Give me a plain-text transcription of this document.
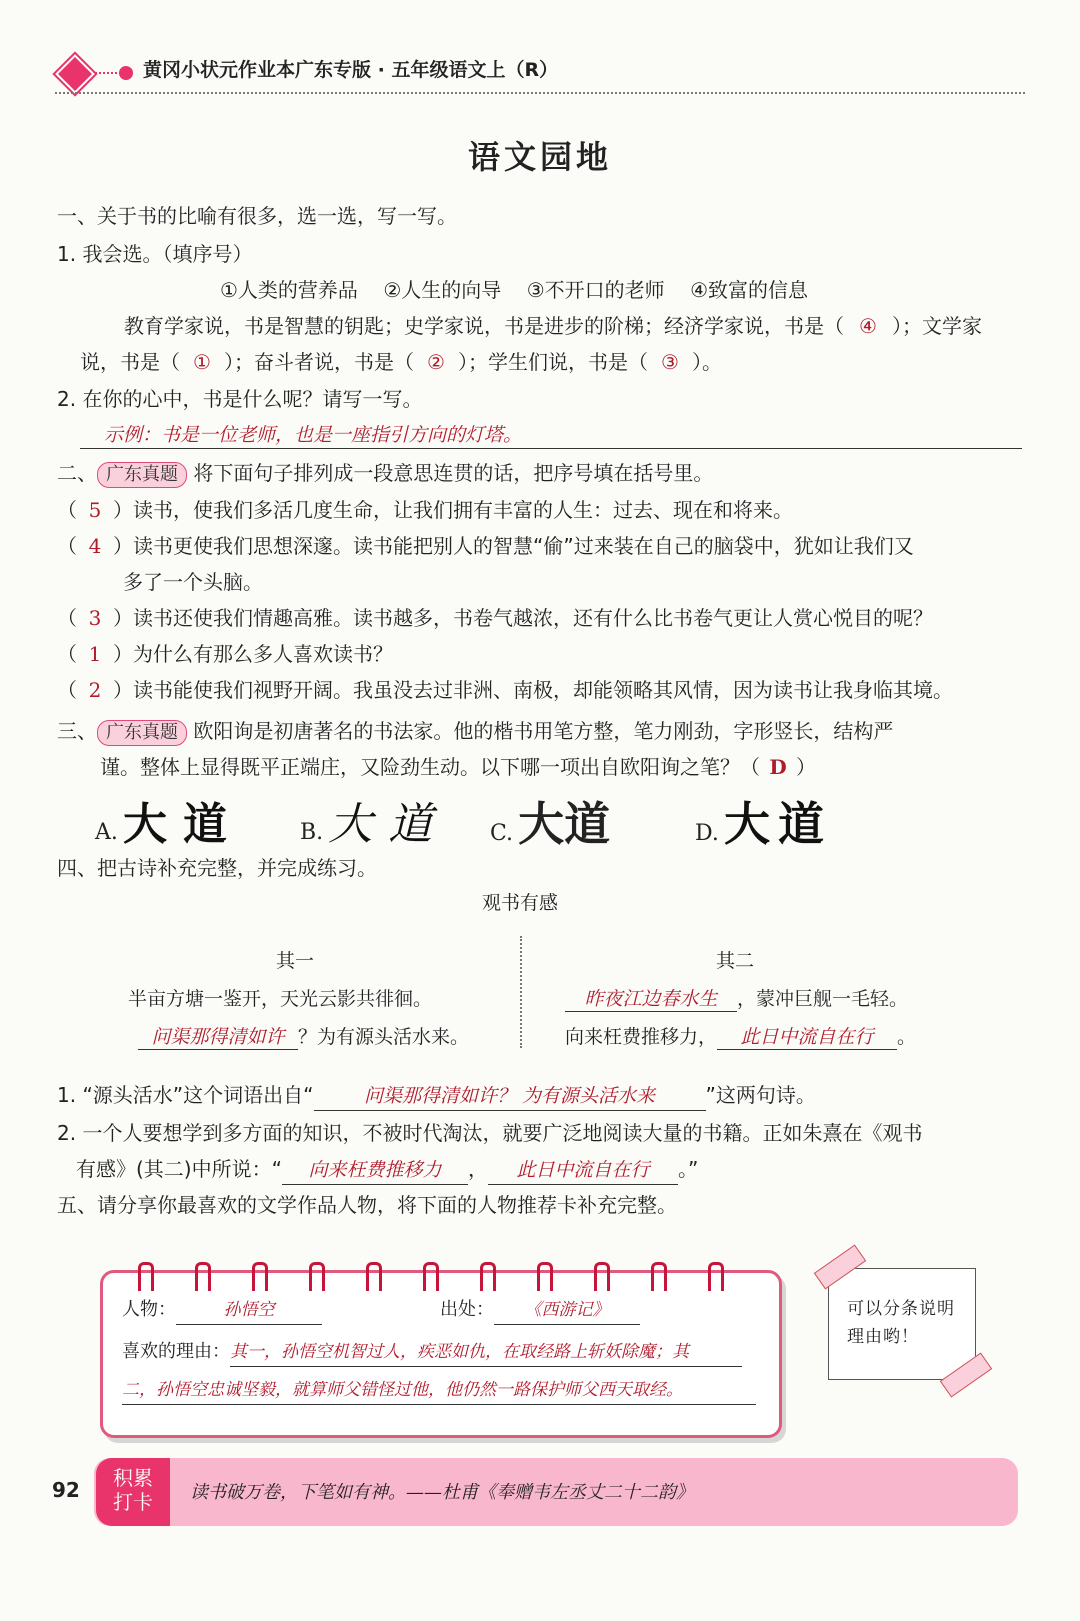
黄冈小状元作业本广东专版 · 五年级语文上（R）
语文园地
一、关于书的比喻有很多，选一选，写一写。
1. 我会选。（填序号）
①人类的营养品    ②人生的向导    ③不开口的老师    ④致富的信息
教育学家说，书是智慧的钥匙；史学家说，书是进步的阶梯；经济学家说，书是（ ④ ）；文学家
说，书是（ ① ）；奋斗者说，书是（ ② ）；学生们说，书是（ ③ ）。
2. 在你的心中，书是什么呢？请写一写。
示例：书是一位老师，也是一座指引方向的灯塔。
二、 广东真题 将下面句子排列成一段意思连贯的话，把序号填在括号里。
（ 5 ）读书，使我们多活几度生命，让我们拥有丰富的人生：过去、现在和将来。
（ 4 ）读书更使我们思想深邃。读书能把别人的智慧“偷”过来装在自己的脑袋中，犹如让我们又
多了一个头脑。
（ 3 ）读书还使我们情趣高雅。读书越多，书卷气越浓，还有什么比书卷气更让人赏心悦目的呢？
（ 1 ）为什么有那么多人喜欢读书？
（ 2 ）读书能使我们视野开阔。我虽没去过非洲、南极，却能领略其风情，因为读书让我身临其境。
三、 广东真题 欧阳询是初唐著名的书法家。他的楷书用笔方整，笔力刚劲，字形竖长，结构严
谨。整体上显得既平正端庄，又险劲生动。以下哪一项出自欧阳询之笔？（ D ）
A. 大道	B. 大道 C. 大道	D. 大道
四、把古诗补充完整，并完成练习。
观书有感
其一
半亩方塘一鉴开，天光云影共徘徊。
问渠那得清如许 ？为有源头活水来。
其二
昨夜江边春水生 ，蒙冲巨舰一毛轻。
向来枉费推移力， 此日中流自在行 。
1. “源头活水”这个词语出自“	问渠那得清如许？ 为有源头活水来	”这两句诗。
2. 一个人要想学到多方面的知识，不被时代淘汰，就要广泛地阅读大量的书籍。正如朱熹在《观书
有感》(其二)中所说：“ 向来枉费推移力 ， 此日中流自在行 。”
五、请分享你最喜欢的文学作品人物，将下面的人物推荐卡补充完整。
人物：	孙悟空	出处： 《西游记》
喜欢的理由：其一，孙悟空机智过人，疾恶如仇，在取经路上斩妖除魔；其
二，孙悟空忠诚坚毅，就算师父错怪过他，他仍然一路保护师父西天取经。
可以分条说明理由哟！
92	积累
打卡	读书破万卷，下笔如有神。——杜甫《奉赠韦左丞丈二十二韵》
